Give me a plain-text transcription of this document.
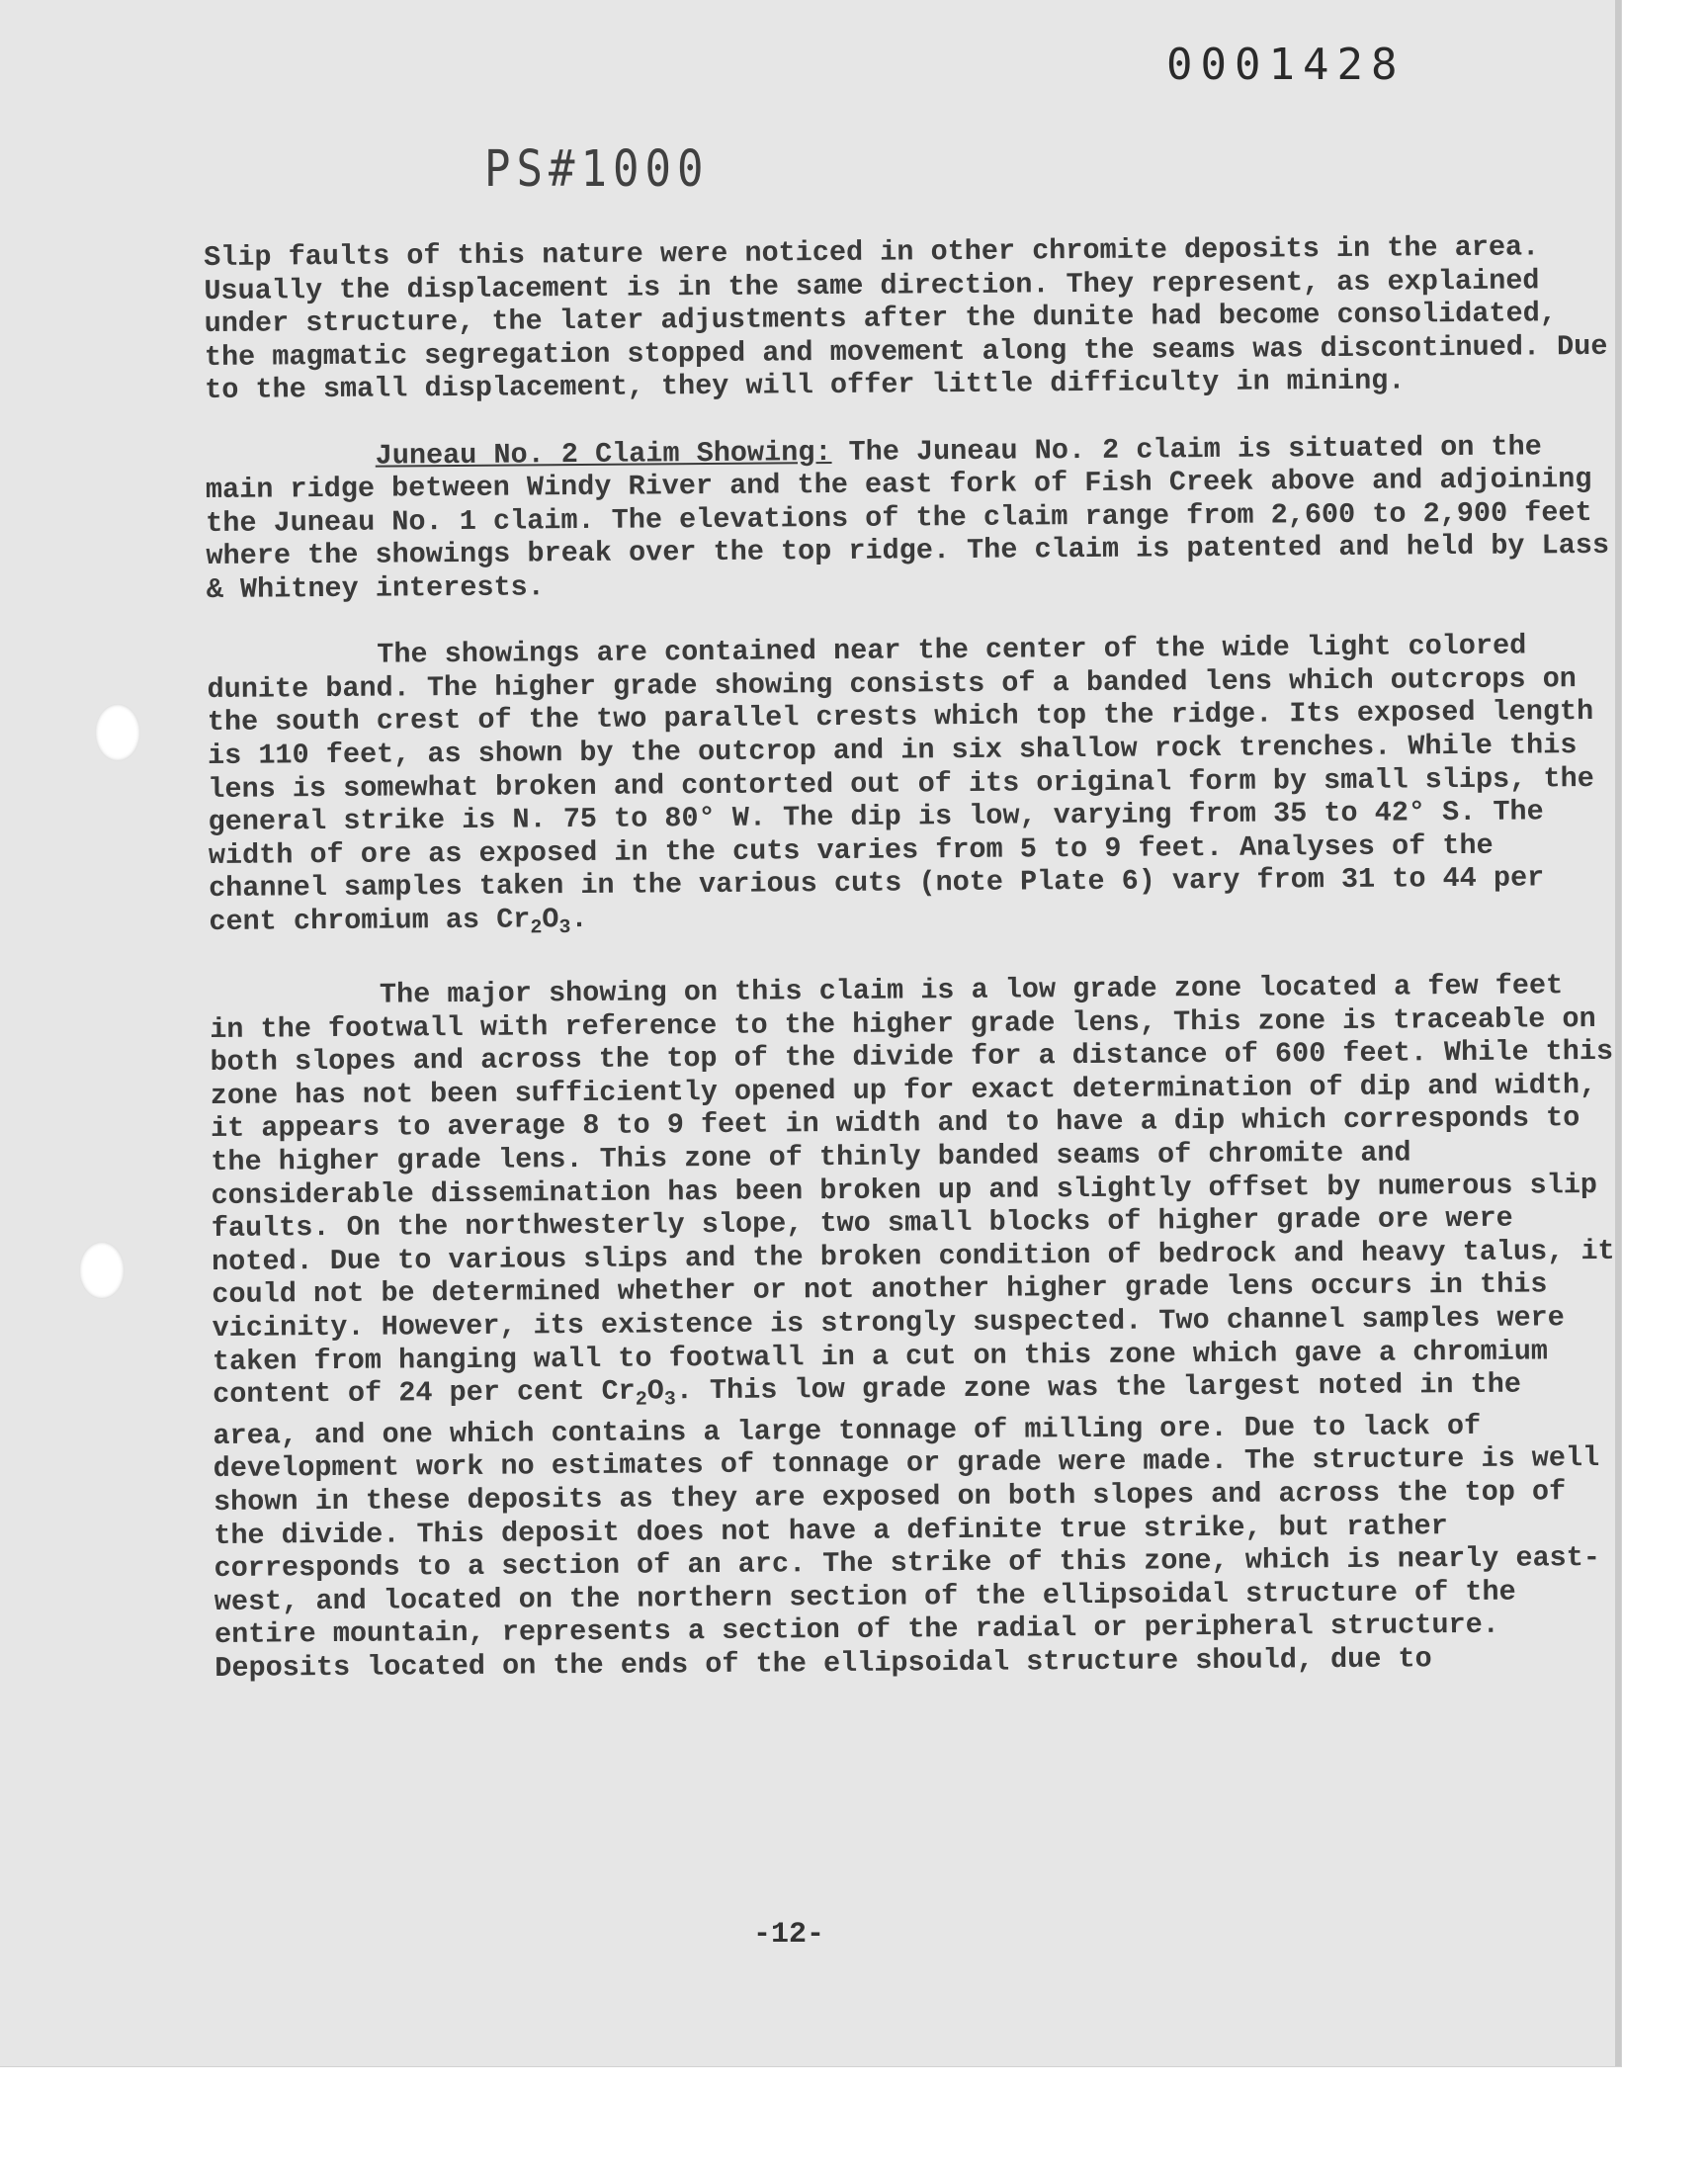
0001428

PS#1000

Slip faults of this nature were noticed in other chromite deposits in the area. Usually the displacement is in the same direction. They represent, as explained under structure, the later adjustments after the dunite had become consolidated, the magmatic segregation stopped and movement along the seams was discontinued. Due to the small displacement, they will offer little difficulty in mining.

Juneau No. 2 Claim Showing: The Juneau No. 2 claim is situated on the main ridge between Windy River and the east fork of Fish Creek above and adjoining the Juneau No. 1 claim. The elevations of the claim range from 2,600 to 2,900 feet where the showings break over the top ridge. The claim is patented and held by Lass & Whitney interests.

The showings are contained near the center of the wide light colored dunite band. The higher grade showing consists of a banded lens which outcrops on the south crest of the two parallel crests which top the ridge. Its exposed length is 110 feet, as shown by the outcrop and in six shallow rock trenches. While this lens is somewhat broken and contorted out of its original form by small slips, the general strike is N. 75 to 80° W. The dip is low, varying from 35 to 42° S. The width of ore as exposed in the cuts varies from 5 to 9 feet. Analyses of the channel samples taken in the various cuts (note Plate 6) vary from 31 to 44 per cent chromium as $Cr_2O_3$.

The major showing on this claim is a low grade zone located a few feet in the footwall with reference to the higher grade lens, This zone is traceable on both slopes and across the top of the divide for a distance of 600 feet. While this zone has not been sufficiently opened up for exact determination of dip and width, it appears to average 8 to 9 feet in width and to have a dip which corresponds to the higher grade lens. This zone of thinly banded seams of chromite and considerable dissemination has been broken up and slightly offset by numerous slip faults. On the northwesterly slope, two small blocks of higher grade ore were noted. Due to various slips and the broken condition of bedrock and heavy talus, it could not be determined whether or not another higher grade lens occurs in this vicinity. However, its existence is strongly suspected. Two channel samples were taken from hanging wall to footwall in a cut on this zone which gave a chromium content of 24 per cent $Cr_2O_3$. This low grade zone was the largest noted in the area, and one which contains a large tonnage of milling ore. Due to lack of development work no estimates of tonnage or grade were made. The structure is well shown in these deposits as they are exposed on both slopes and across the top of the divide. This deposit does not have a definite true strike, but rather corresponds to a section of an arc. The strike of this zone, which is nearly east-west, and located on the northern section of the ellipsoidal structure of the entire mountain, represents a section of the radial or peripheral structure. Deposits located on the ends of the ellipsoidal structure should, due to

-12-
